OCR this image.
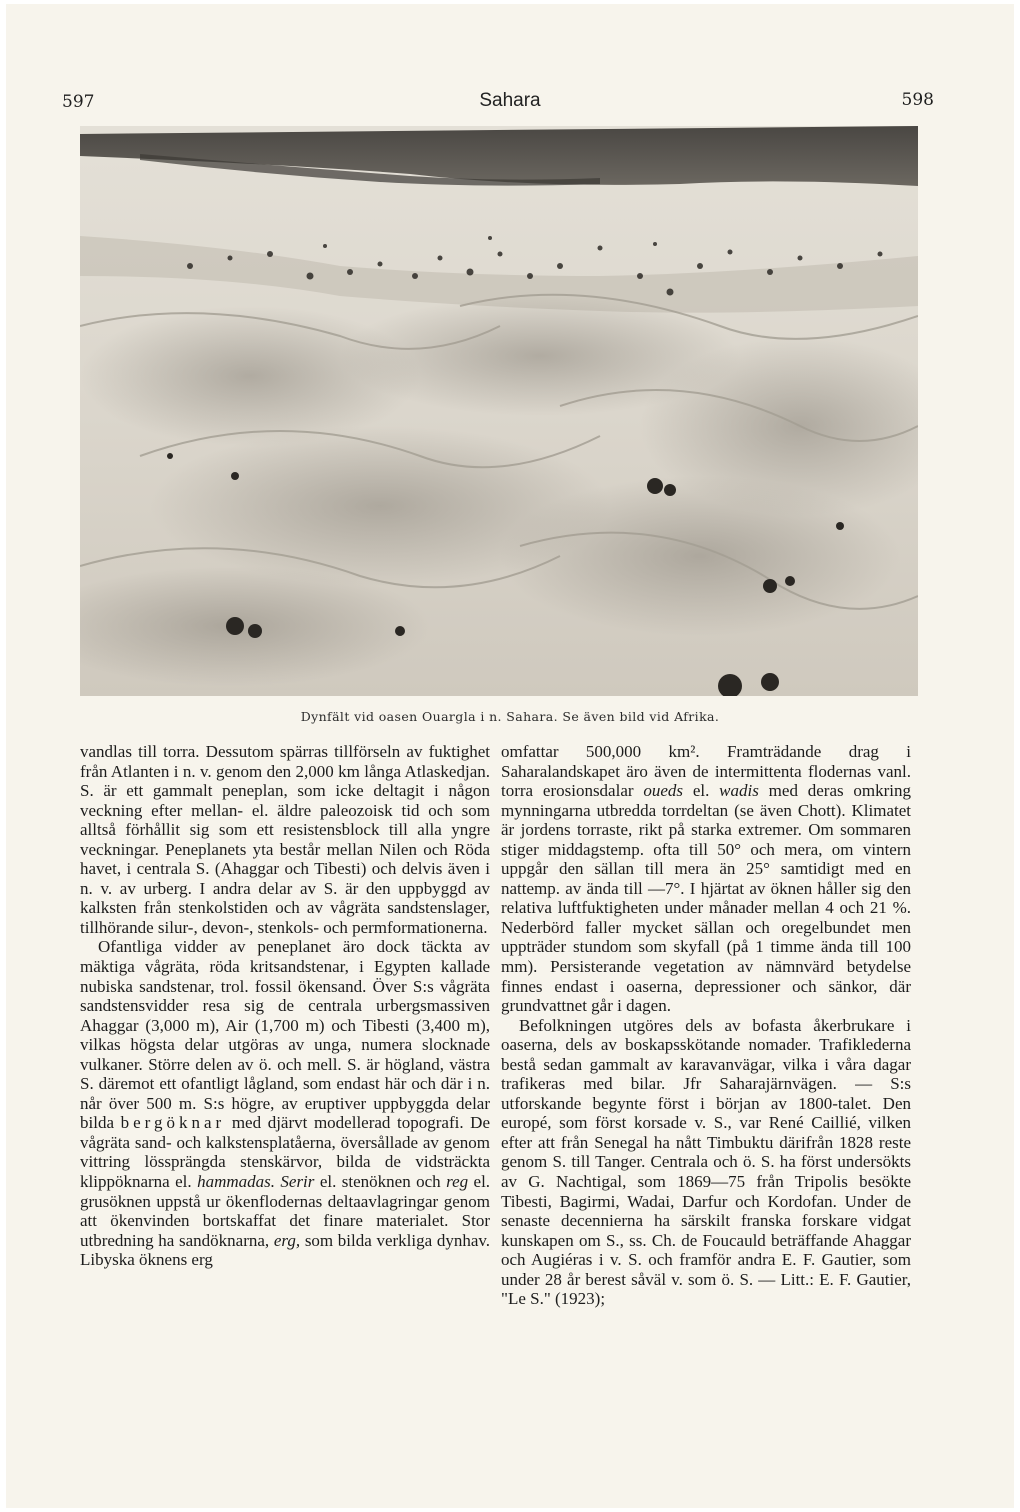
597	Sahara	598
Dynfält vid oasen Ouargla i n. Sahara. Se även bild vid Afrika.

vandlas till torra. Dessutom spärras tillförseln av fuktighet från Atlanten i n. v. genom den 2,000 km långa Atlaskedjan. S. är ett gammalt peneplan, som icke deltagit i någon veckning efter mellan- el. äldre paleozoisk tid och som alltså förhållit sig som ett resistensblock till alla yngre veckningar. Peneplanets yta består mellan Nilen och Röda havet, i centrala S. (Ahaggar och Tibesti) och delvis även i n. v. av urberg. I andra delar av S. är den uppbyggd av kalksten från stenkolstiden och av vågräta sandstenslager, tillhörande silur-, devon-, stenkols- och permformationerna.

Ofantliga vidder av peneplanet äro dock täckta av mäktiga vågräta, röda kritsandstenar, i Egypten kallade nubiska sandstenar, trol. fossil ökensand. Över S:s vågräta sandstensvidder resa sig de centrala urbergsmassiven Ahaggar (3,000 m), Air (1,700 m) och Tibesti (3,400 m), vilkas högsta delar utgöras av unga, numera slocknade vulkaner. Större delen av ö. och mell. S. är högland, västra S. däremot ett ofantligt lågland, som endast här och där i n. når över 500 m. S:s högre, av eruptiver uppbyggda delar bilda bergöknar med djärvt modellerad topografi. De vågräta sand- och kalkstensplatåerna, översållade av genom vittring lössprängda stenskärvor, bilda de vidsträckta klippöknarna el. hammadas. Serir el. stenöknen och reg el. grusöknen uppstå ur ökenflodernas deltaavlagringar genom att ökenvinden bortskaffat det finare materialet. Stor utbredning ha sandöknarna, erg, som bilda verkliga dynhav. Libyska öknens erg

omfattar 500,000 km². Framträdande drag i Saharalandskapet äro även de intermittenta flodernas vanl. torra erosionsdalar oueds el. wadis med deras omkring mynningarna utbredda torrdeltan (se även Chott). Klimatet är jordens torraste, rikt på starka extremer. Om sommaren stiger middagstemp. ofta till 50° och mera, om vintern uppgår den sällan till mera än 25° samtidigt med en nattemp. av ända till —7°. I hjärtat av öknen håller sig den relativa luftfuktigheten under månader mellan 4 och 21 %. Nederbörd faller mycket sällan och oregelbundet men uppträder stundom som skyfall (på 1 timme ända till 100 mm). Persisterande vegetation av nämnvärd betydelse finnes endast i oaserna, depressioner och sänkor, där grundvattnet går i dagen.

Befolkningen utgöres dels av bofasta åkerbrukare i oaserna, dels av boskapsskötande nomader. Trafiklederna bestå sedan gammalt av karavanvägar, vilka i våra dagar trafikeras med bilar. Jfr Saharajärnvägen. — S:s utforskande begynte först i början av 1800-talet. Den europé, som först korsade v. S., var René Caillié, vilken efter att från Senegal ha nått Timbuktu därifrån 1828 reste genom S. till Tanger. Centrala och ö. S. ha först undersökts av G. Nachtigal, som 1869—75 från Tripolis besökte Tibesti, Bagirmi, Wadai, Darfur och Kordofan. Under de senaste decennierna ha särskilt franska forskare vidgat kunskapen om S., ss. Ch. de Foucauld beträffande Ahaggar och Augiéras i v. S. och framför andra E. F. Gautier, som under 28 år berest såväl v. som ö. S. — Litt.: E. F. Gautier, "Le S." (1923);
